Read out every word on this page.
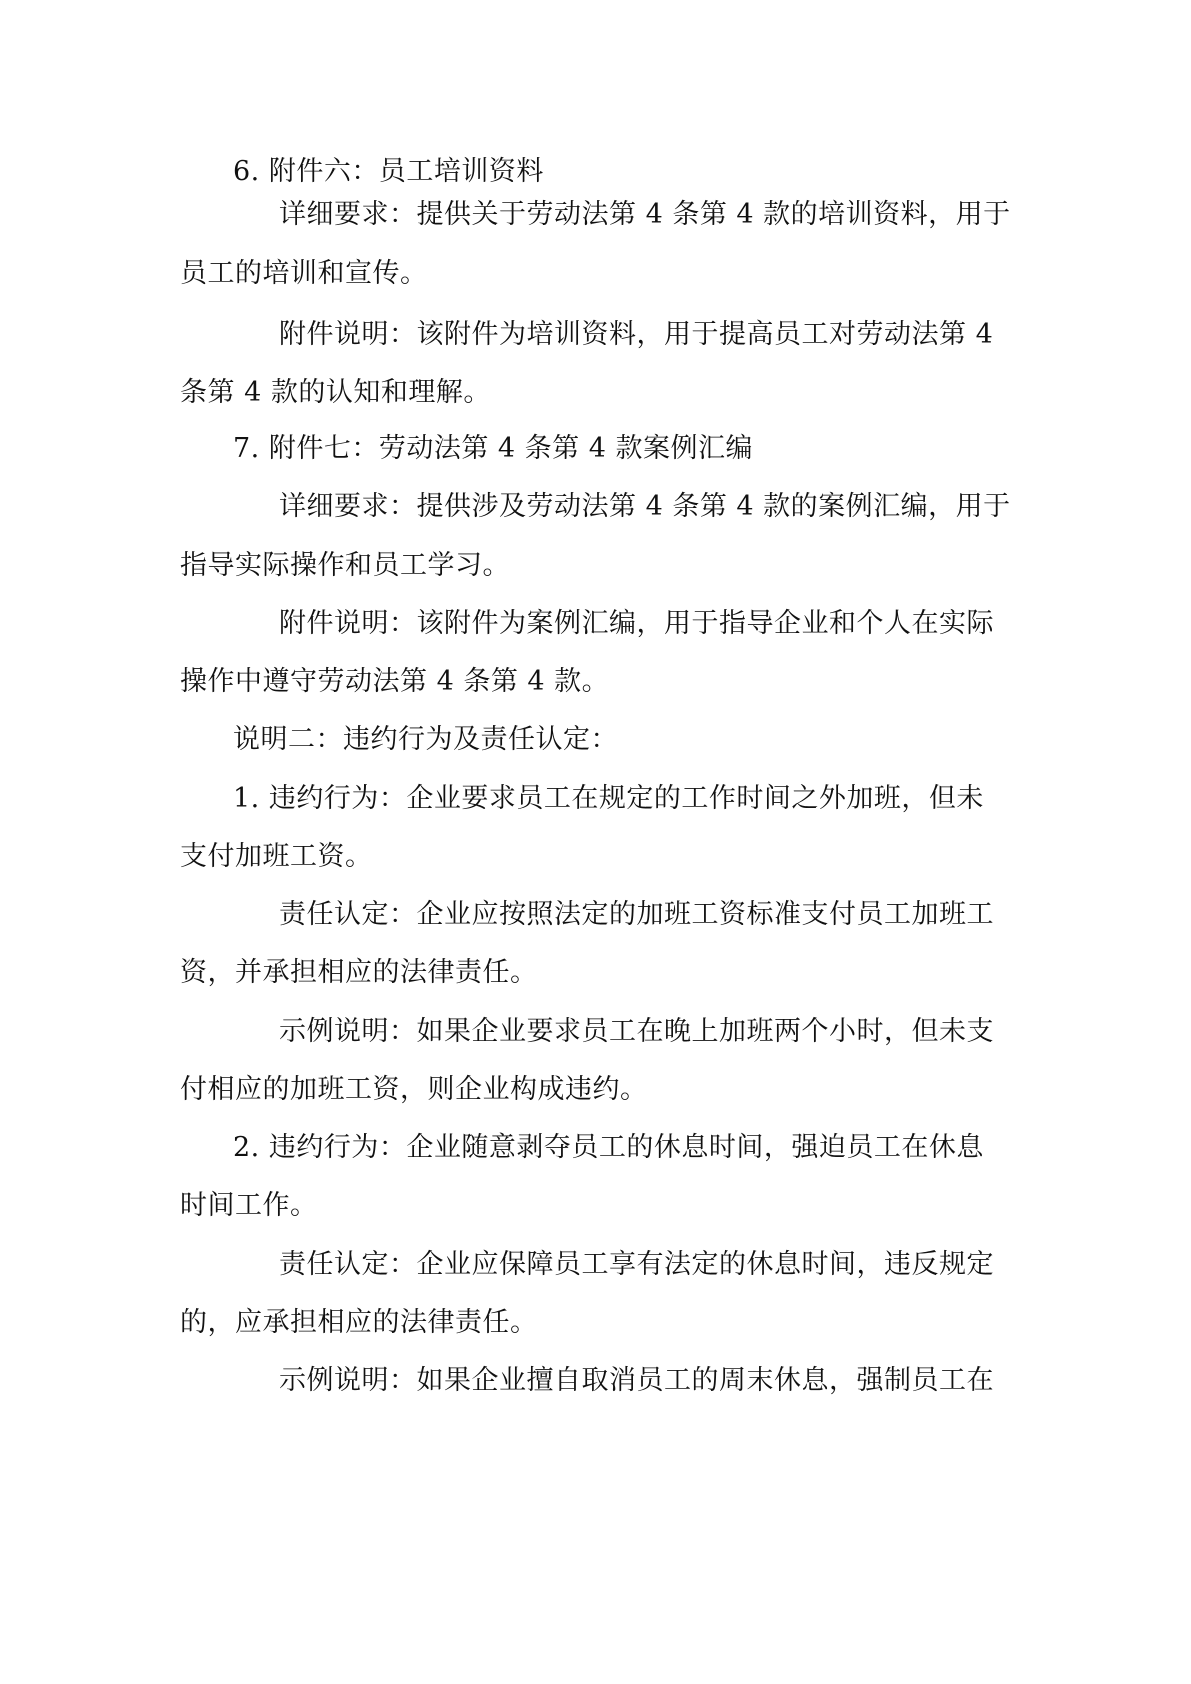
6. 附件六：员工培训资料
详细要求：提供关于劳动法第 4 条第 4 款的培训资料，用于
员工的培训和宣传。
附件说明：该附件为培训资料，用于提高员工对劳动法第 4
条第 4 款的认知和理解。
7. 附件七：劳动法第 4 条第 4 款案例汇编
详细要求：提供涉及劳动法第 4 条第 4 款的案例汇编，用于
指导实际操作和员工学习。
附件说明：该附件为案例汇编，用于指导企业和个人在实际
操作中遵守劳动法第 4 条第 4 款。
说明二：违约行为及责任认定：
1. 违约行为：企业要求员工在规定的工作时间之外加班，但未
支付加班工资。
责任认定：企业应按照法定的加班工资标准支付员工加班工
资，并承担相应的法律责任。
示例说明：如果企业要求员工在晚上加班两个小时，但未支
付相应的加班工资，则企业构成违约。
2. 违约行为：企业随意剥夺员工的休息时间，强迫员工在休息
时间工作。
责任认定：企业应保障员工享有法定的休息时间，违反规定
的，应承担相应的法律责任。
示例说明：如果企业擅自取消员工的周末休息，强制员工在
